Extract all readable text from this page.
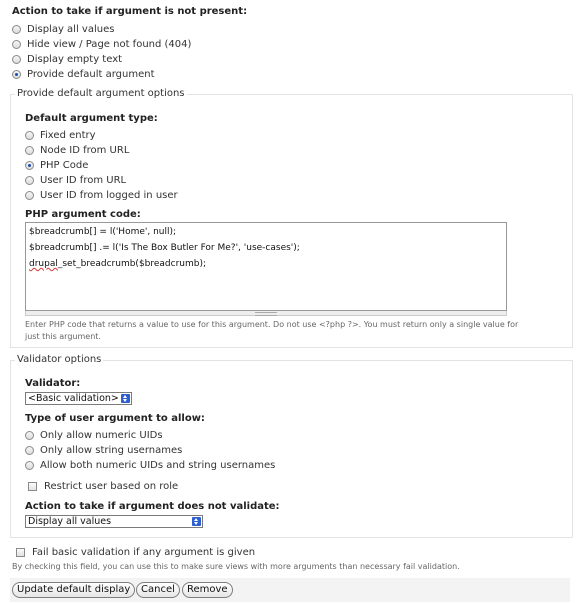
Action to take if argument is not present:
Display all values
Hide view / Page not found (404)
Display empty text
Provide default argument
Provide default argument options
Default argument type:
Fixed entry
Node ID from URL
PHP Code
User ID from URL
User ID from logged in user
PHP argument code:
$breadcrumb[] = l('Home', null);
$breadcrumb[] .= l('Is The Box Butler For Me?', 'use-cases');
drupal_set_breadcrumb($breadcrumb);
Enter PHP code that returns a value to use for this argument. Do not use <?php ?>. You must return only a single value for
just this argument.
Validator options
Validator:
<Basic validation>
Type of user argument to allow:
Only allow numeric UIDs
Only allow string usernames
Allow both numeric UIDs and string usernames
Restrict user based on role
Action to take if argument does not validate:
Display all values
Fail basic validation if any argument is given
By checking this field, you can use this to make sure views with more arguments than necessary fail validation.
Update default display	Cancel	Remove
